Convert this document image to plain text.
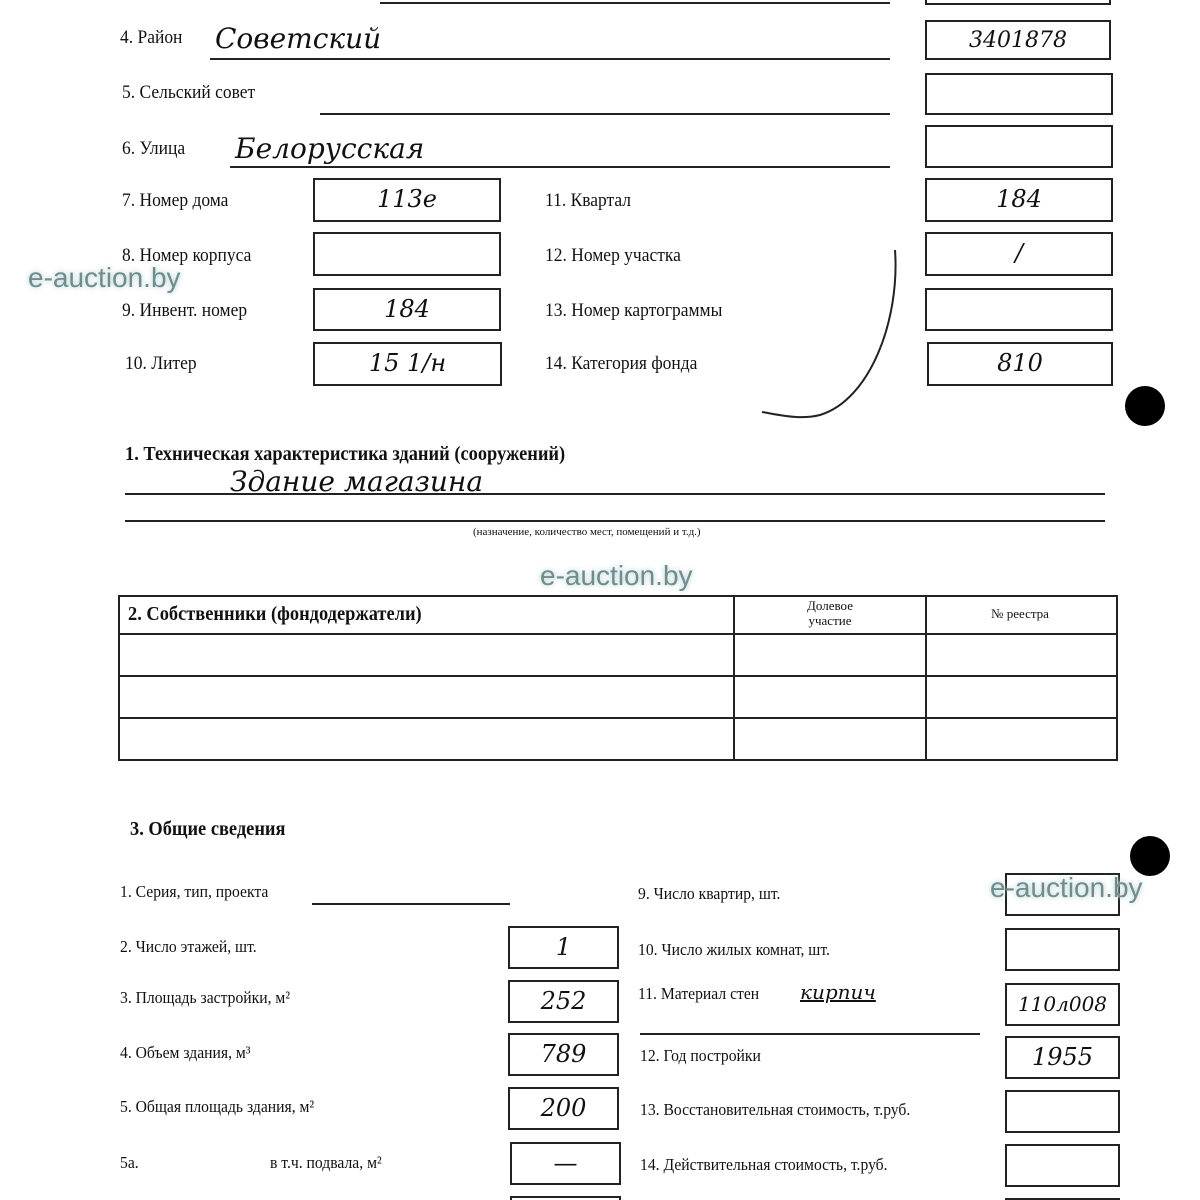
4. Район Советский	3401878
5. Сельский совет
6. Улица Белорусская
7. Номер дома	113е	11. Квартал	184
8. Номер корпуса	12. Номер участка	/
9. Инвент. номер	184	13. Номер картограммы
10. Литер	15 1/н	14. Категория фонда	810
1. Техническая характеристика зданий (сооружений)
Здание магазина
(назначение, количество мест, помещений и т.д.)
2. Собственники (фондодержатели)	Долевое участие	№ реестра
3. Общие сведения
1. Серия, тип, проекта
2. Число этажей, шт.	1
3. Площадь застройки, м²	252
4. Объем здания, м³	789
5. Общая площадь здания, м²	200
5а.	в т.ч. подвала, м²	—
9. Число квартир, шт.
10. Число жилых комнат, шт.
11. Материал стен кирпич	110л008
12. Год постройки	1955
13. Восстановительная стоимость, т.руб.
14. Действительная стоимость, т.руб.
e-auction.by
e-auction.by
e-auction.by
